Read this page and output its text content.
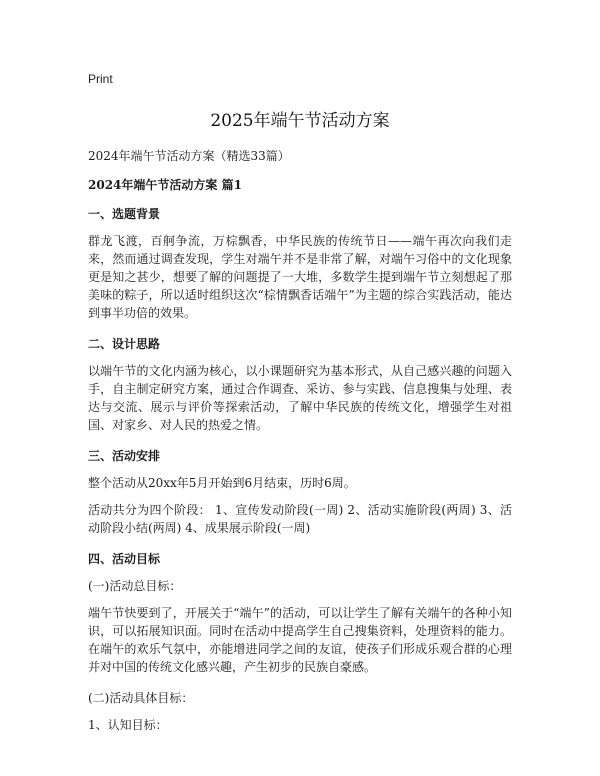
Print
2025年端午节活动方案

2024年端午节活动方案（精选33篇）

2024年端午节活动方案 篇1

一、选题背景

群龙飞渡，百舸争流，万棕飘香，中华民族的传统节日——端午再次向我们走来，然而通过调查发现，学生对端午并不是非常了解，对端午习俗中的文化现象更是知之甚少，想要了解的问题提了一大堆，多数学生提到端午节立刻想起了那美味的粽子，所以适时组织这次“棕情飘香话端午”为主题的综合实践活动，能达到事半功倍的效果。

二、设计思路

以端午节的文化内涵为核心，以小课题研究为基本形式，从自己感兴趣的问题入手，自主制定研究方案，通过合作调查、采访、参与实践、信息搜集与处理、表达与交流、展示与评价等探索活动，了解中华民族的传统文化，增强学生对祖国、对家乡、对人民的热爱之情。

三、活动安排

整个活动从20xx年5月开始到6月结束，历时6周。

活动共分为四个阶段： 1、宣传发动阶段(一周) 2、活动实施阶段(两周) 3、活动阶段小结(两周) 4、成果展示阶段(一周)

四、活动目标

(一)活动总目标：

端午节快要到了，开展关于“端午”的活动，可以让学生了解有关端午的各种小知识，可以拓展知识面。同时在活动中提高学生自己搜集资料，处理资料的能力。在端午的欢乐气氛中，亦能增进同学之间的友谊，使孩子们形成乐观合群的心理并对中国的传统文化感兴趣，产生初步的民族自豪感。

(二)活动具体目标：

1、认知目标：
